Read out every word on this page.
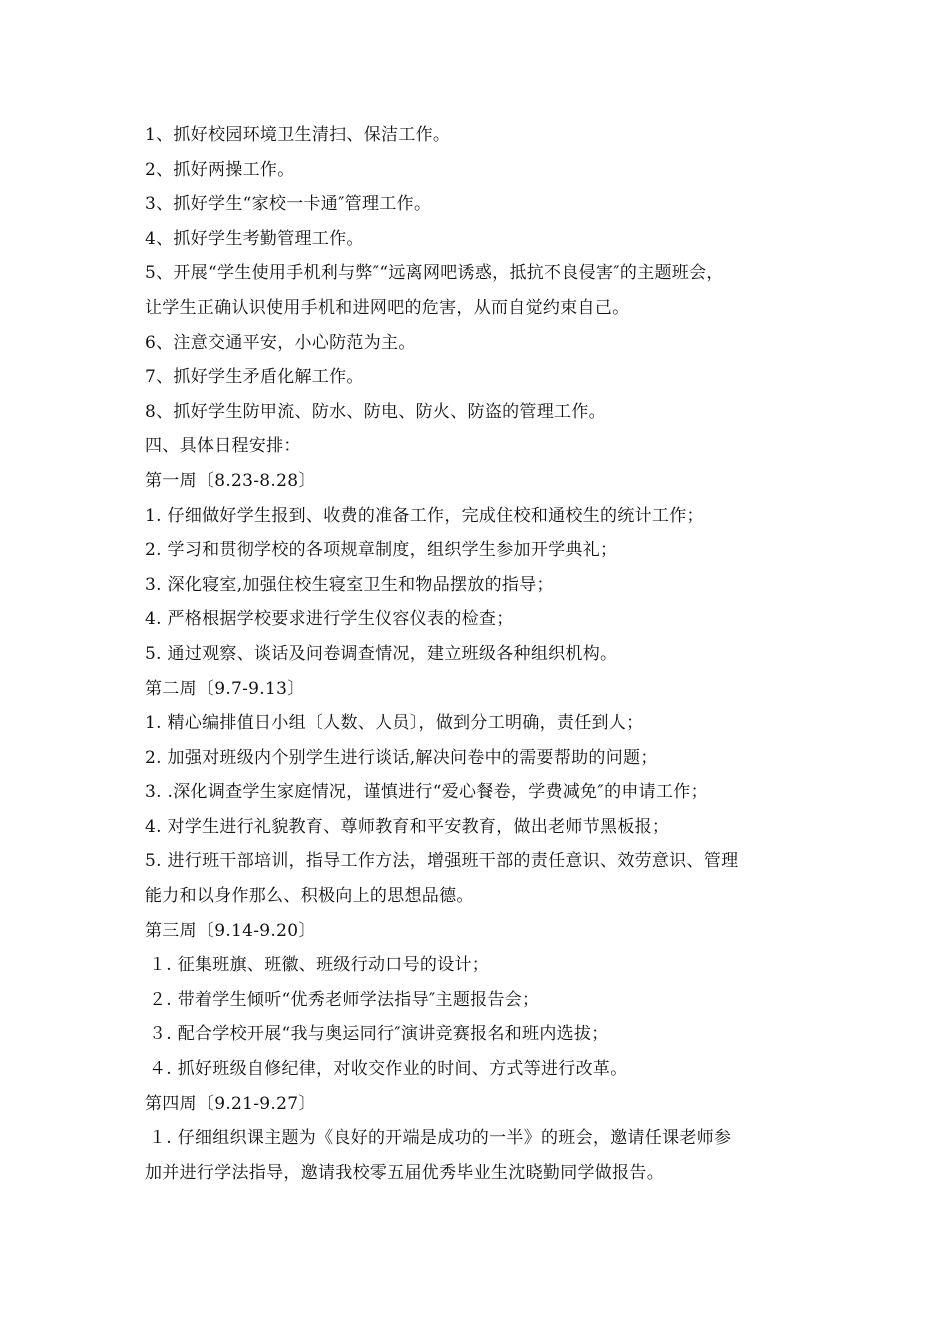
1、抓好校园环境卫生清扫、保洁工作。
2、抓好两操工作。
3、抓好学生“家校一卡通″管理工作。
4、抓好学生考勤管理工作。
5、开展“学生使用手机利与弊″“远离网吧诱惑，抵抗不良侵害″的主题班会，
让学生正确认识使用手机和进网吧的危害，从而自觉约束自己。
6、注意交通平安，小心防范为主。
7、抓好学生矛盾化解工作。
8、抓好学生防甲流、防水、防电、防火、防盗的管理工作。
四、具体日程安排：
第一周〔8.23-8.28〕
1. 仔细做好学生报到、收费的准备工作，完成住校和通校生的统计工作；
2. 学习和贯彻学校的各项规章制度，组织学生参加开学典礼；
3. 深化寝室,加强住校生寝室卫生和物品摆放的指导；
4. 严格根据学校要求进行学生仪容仪表的检查；
5. 通过观察、谈话及问卷调查情况，建立班级各种组织机构。
第二周〔9.7-9.13〕
1. 精心编排值日小组〔人数、人员〕，做到分工明确，责任到人；
2. 加强对班级内个别学生进行谈话,解决问卷中的需要帮助的问题；
3. .深化调查学生家庭情况，谨慎进行“爱心餐卷，学费减免″的申请工作；
4. 对学生进行礼貌教育、尊师教育和平安教育，做出老师节黑板报；
5. 进行班干部培训，指导工作方法，增强班干部的责任意识、效劳意识、管理
能力和以身作那么、积极向上的思想品德。
第三周〔9.14-9.20〕
１. 征集班旗、班徽、班级行动口号的设计；
２. 带着学生倾听“优秀老师学法指导″主题报告会；
３. 配合学校开展“我与奥运同行″演讲竞赛报名和班内选拔；
４. 抓好班级自修纪律，对收交作业的时间、方式等进行改革。
第四周〔9.21-9.27〕
１. 仔细组织课主题为《良好的开端是成功的一半》的班会，邀请任课老师参
加并进行学法指导，邀请我校零五届优秀毕业生沈晓勤同学做报告。
